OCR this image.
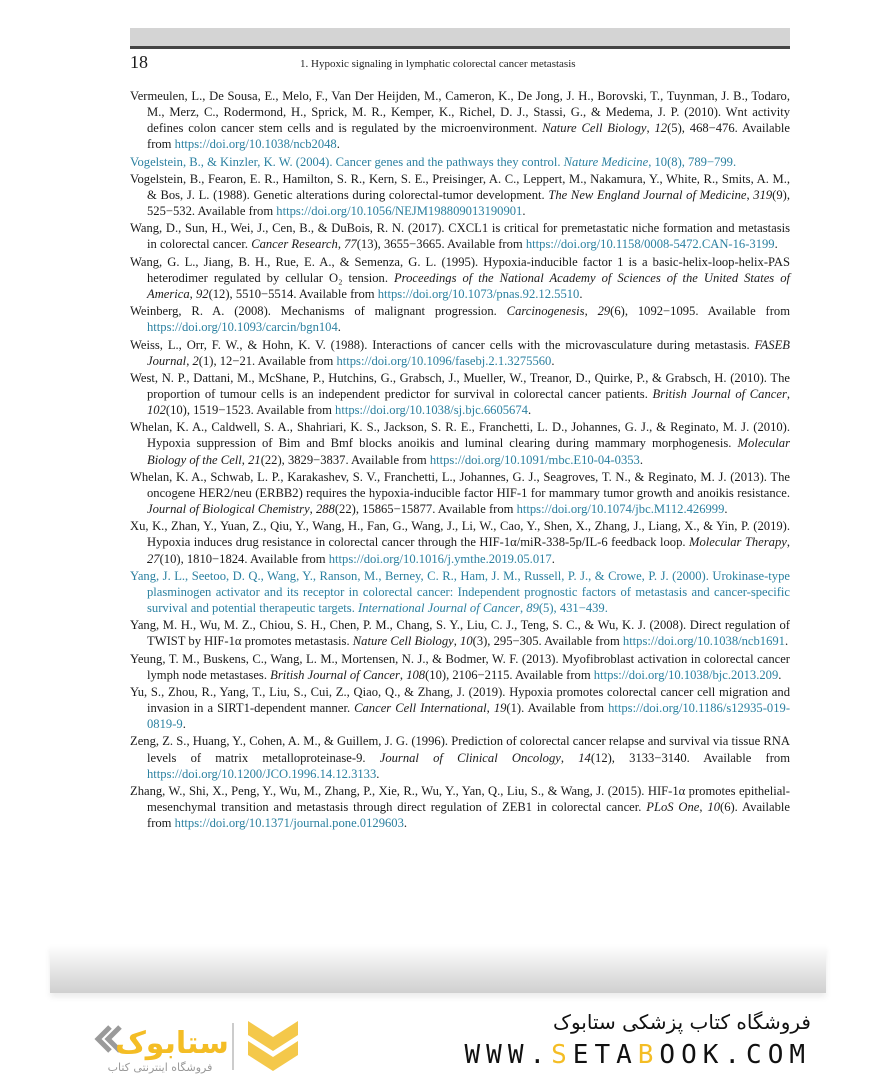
18	1. Hypoxic signaling in lymphatic colorectal cancer metastasis
Vermeulen, L., De Sousa, E., Melo, F., Van Der Heijden, M., Cameron, K., De Jong, J. H., Borovski, T., Tuynman, J. B., Todaro, M., Merz, C., Rodermond, H., Sprick, M. R., Kemper, K., Richel, D. J., Stassi, G., & Medema, J. P. (2010). Wnt activity defines colon cancer stem cells and is regulated by the microenvironment. Nature Cell Biology, 12(5), 468−476. Available from https://doi.org/10.1038/ncb2048.
Vogelstein, B., & Kinzler, K. W. (2004). Cancer genes and the pathways they control. Nature Medicine, 10(8), 789−799.
Vogelstein, B., Fearon, E. R., Hamilton, S. R., Kern, S. E., Preisinger, A. C., Leppert, M., Nakamura, Y., White, R., Smits, A. M., & Bos, J. L. (1988). Genetic alterations during colorectal-tumor development. The New England Journal of Medicine, 319(9), 525−532. Available from https://doi.org/10.1056/NEJM198809013190901.
Wang, D., Sun, H., Wei, J., Cen, B., & DuBois, R. N. (2017). CXCL1 is critical for premetastatic niche formation and metastasis in colorectal cancer. Cancer Research, 77(13), 3655−3665. Available from https://doi.org/10.1158/0008-5472.CAN-16-3199.
Wang, G. L., Jiang, B. H., Rue, E. A., & Semenza, G. L. (1995). Hypoxia-inducible factor 1 is a basic-helix-loop-helix-PAS heterodimer regulated by cellular O₂ tension. Proceedings of the National Academy of Sciences of the United States of America, 92(12), 5510−5514. Available from https://doi.org/10.1073/pnas.92.12.5510.
Weinberg, R. A. (2008). Mechanisms of malignant progression. Carcinogenesis, 29(6), 1092−1095. Available from https://doi.org/10.1093/carcin/bgn104.
Weiss, L., Orr, F. W., & Hohn, K. V. (1988). Interactions of cancer cells with the microvasculature during metastasis. FASEB Journal, 2(1), 12−21. Available from https://doi.org/10.1096/fasebj.2.1.3275560.
West, N. P., Dattani, M., McShane, P., Hutchins, G., Grabsch, J., Mueller, W., Treanor, D., Quirke, P., & Grabsch, H. (2010). The proportion of tumour cells is an independent predictor for survival in colorectal cancer patients. British Journal of Cancer, 102(10), 1519−1523. Available from https://doi.org/10.1038/sj.bjc.6605674.
Whelan, K. A., Caldwell, S. A., Shahriari, K. S., Jackson, S. R. E., Franchetti, L. D., Johannes, G. J., & Reginato, M. J. (2010). Hypoxia suppression of Bim and Bmf blocks anoikis and luminal clearing during mammary morphogenesis. Molecular Biology of the Cell, 21(22), 3829−3837. Available from https://doi.org/10.1091/mbc.E10-04-0353.
Whelan, K. A., Schwab, L. P., Karakashev, S. V., Franchetti, L., Johannes, G. J., Seagroves, T. N., & Reginato, M. J. (2013). The oncogene HER2/neu (ERBB2) requires the hypoxia-inducible factor HIF-1 for mammary tumor growth and anoikis resistance. Journal of Biological Chemistry, 288(22), 15865−15877. Available from https://doi.org/10.1074/jbc.M112.426999.
Xu, K., Zhan, Y., Yuan, Z., Qiu, Y., Wang, H., Fan, G., Wang, J., Li, W., Cao, Y., Shen, X., Zhang, J., Liang, X., & Yin, P. (2019). Hypoxia induces drug resistance in colorectal cancer through the HIF-1α/miR-338-5p/IL-6 feedback loop. Molecular Therapy, 27(10), 1810−1824. Available from https://doi.org/10.1016/j.ymthe.2019.05.017.
Yang, J. L., Seetoo, D. Q., Wang, Y., Ranson, M., Berney, C. R., Ham, J. M., Russell, P. J., & Crowe, P. J. (2000). Urokinase-type plasminogen activator and its receptor in colorectal cancer: Independent prognostic factors of metastasis and cancer-specific survival and potential therapeutic targets. International Journal of Cancer, 89(5), 431−439.
Yang, M. H., Wu, M. Z., Chiou, S. H., Chen, P. M., Chang, S. Y., Liu, C. J., Teng, S. C., & Wu, K. J. (2008). Direct regulation of TWIST by HIF-1α promotes metastasis. Nature Cell Biology, 10(3), 295−305. Available from https://doi.org/10.1038/ncb1691.
Yeung, T. M., Buskens, C., Wang, L. M., Mortensen, N. J., & Bodmer, W. F. (2013). Myofibroblast activation in colorectal cancer lymph node metastases. British Journal of Cancer, 108(10), 2106−2115. Available from https://doi.org/10.1038/bjc.2013.209.
Yu, S., Zhou, R., Yang, T., Liu, S., Cui, Z., Qiao, Q., & Zhang, J. (2019). Hypoxia promotes colorectal cancer cell migration and invasion in a SIRT1-dependent manner. Cancer Cell International, 19(1). Available from https://doi.org/10.1186/s12935-019-0819-9.
Zeng, Z. S., Huang, Y., Cohen, A. M., & Guillem, J. G. (1996). Prediction of colorectal cancer relapse and survival via tissue RNA levels of matrix metalloproteinase-9. Journal of Clinical Oncology, 14(12), 3133−3140. Available from https://doi.org/10.1200/JCO.1996.14.12.3133.
Zhang, W., Shi, X., Peng, Y., Wu, M., Zhang, P., Xie, R., Wu, Y., Yan, Q., Liu, S., & Wang, J. (2015). HIF-1α promotes epithelial-mesenchymal transition and metastasis through direct regulation of ZEB1 in colorectal cancer. PLoS One, 10(6). Available from https://doi.org/10.1371/journal.pone.0129603.
ستابوک
فروشگاه اینترنتی کتاب
فروشگاه کتاب پزشکی ستابوک
WWW.SETABOOK.COM
